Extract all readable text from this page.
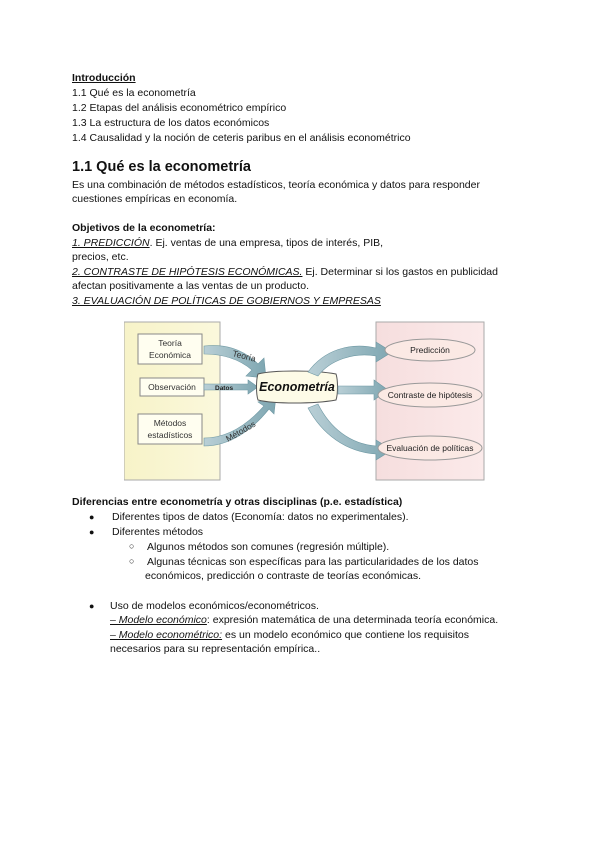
Introducción

1.1 Qué es la econometría

1.2 Etapas del análisis econométrico empírico

1.3 La estructura de los datos económicos

1.4 Causalidad y la noción de ceteris paribus en el análisis econométrico

1.1 Qué es la econometría

Es una combinación de métodos estadísticos, teoría económica y datos para responder

cuestiones empíricas en economía.

Objetivos de la econometría:

1. PREDICCIÓN. Ej. ventas de una empresa, tipos de interés, PIB,

precios, etc.

2. CONTRASTE DE HIPÓTESIS ECONÓMICAS. Ej. Determinar si los gastos en publicidad

afectan positivamente a las ventas de un producto.

3. EVALUACIÓN DE POLÍTICAS DE GOBIERNOS Y EMPRESAS

Teoría
Económica
Observación
Métodos
estadísticos
Teoría
Datos
Métodos
Econometría
Predicción
Contraste de hipótesis
Evaluación de políticas

Diferencias entre econometría y otras disciplinas (p.e. estadística)

● Diferentes tipos de datos (Economía: datos no experimentales).

● Diferentes métodos

○ Algunos métodos son comunes (regresión múltiple).

○ Algunas técnicas son específicas para las particularidades de los datos

económicos, predicción o contraste de teorías económicas.

● Uso de modelos económicos/econométricos.

– Modelo económico: expresión matemática de una determinada teoría económica.

– Modelo econométrico: es un modelo económico que contiene los requisitos

necesarios para su representación empírica..
